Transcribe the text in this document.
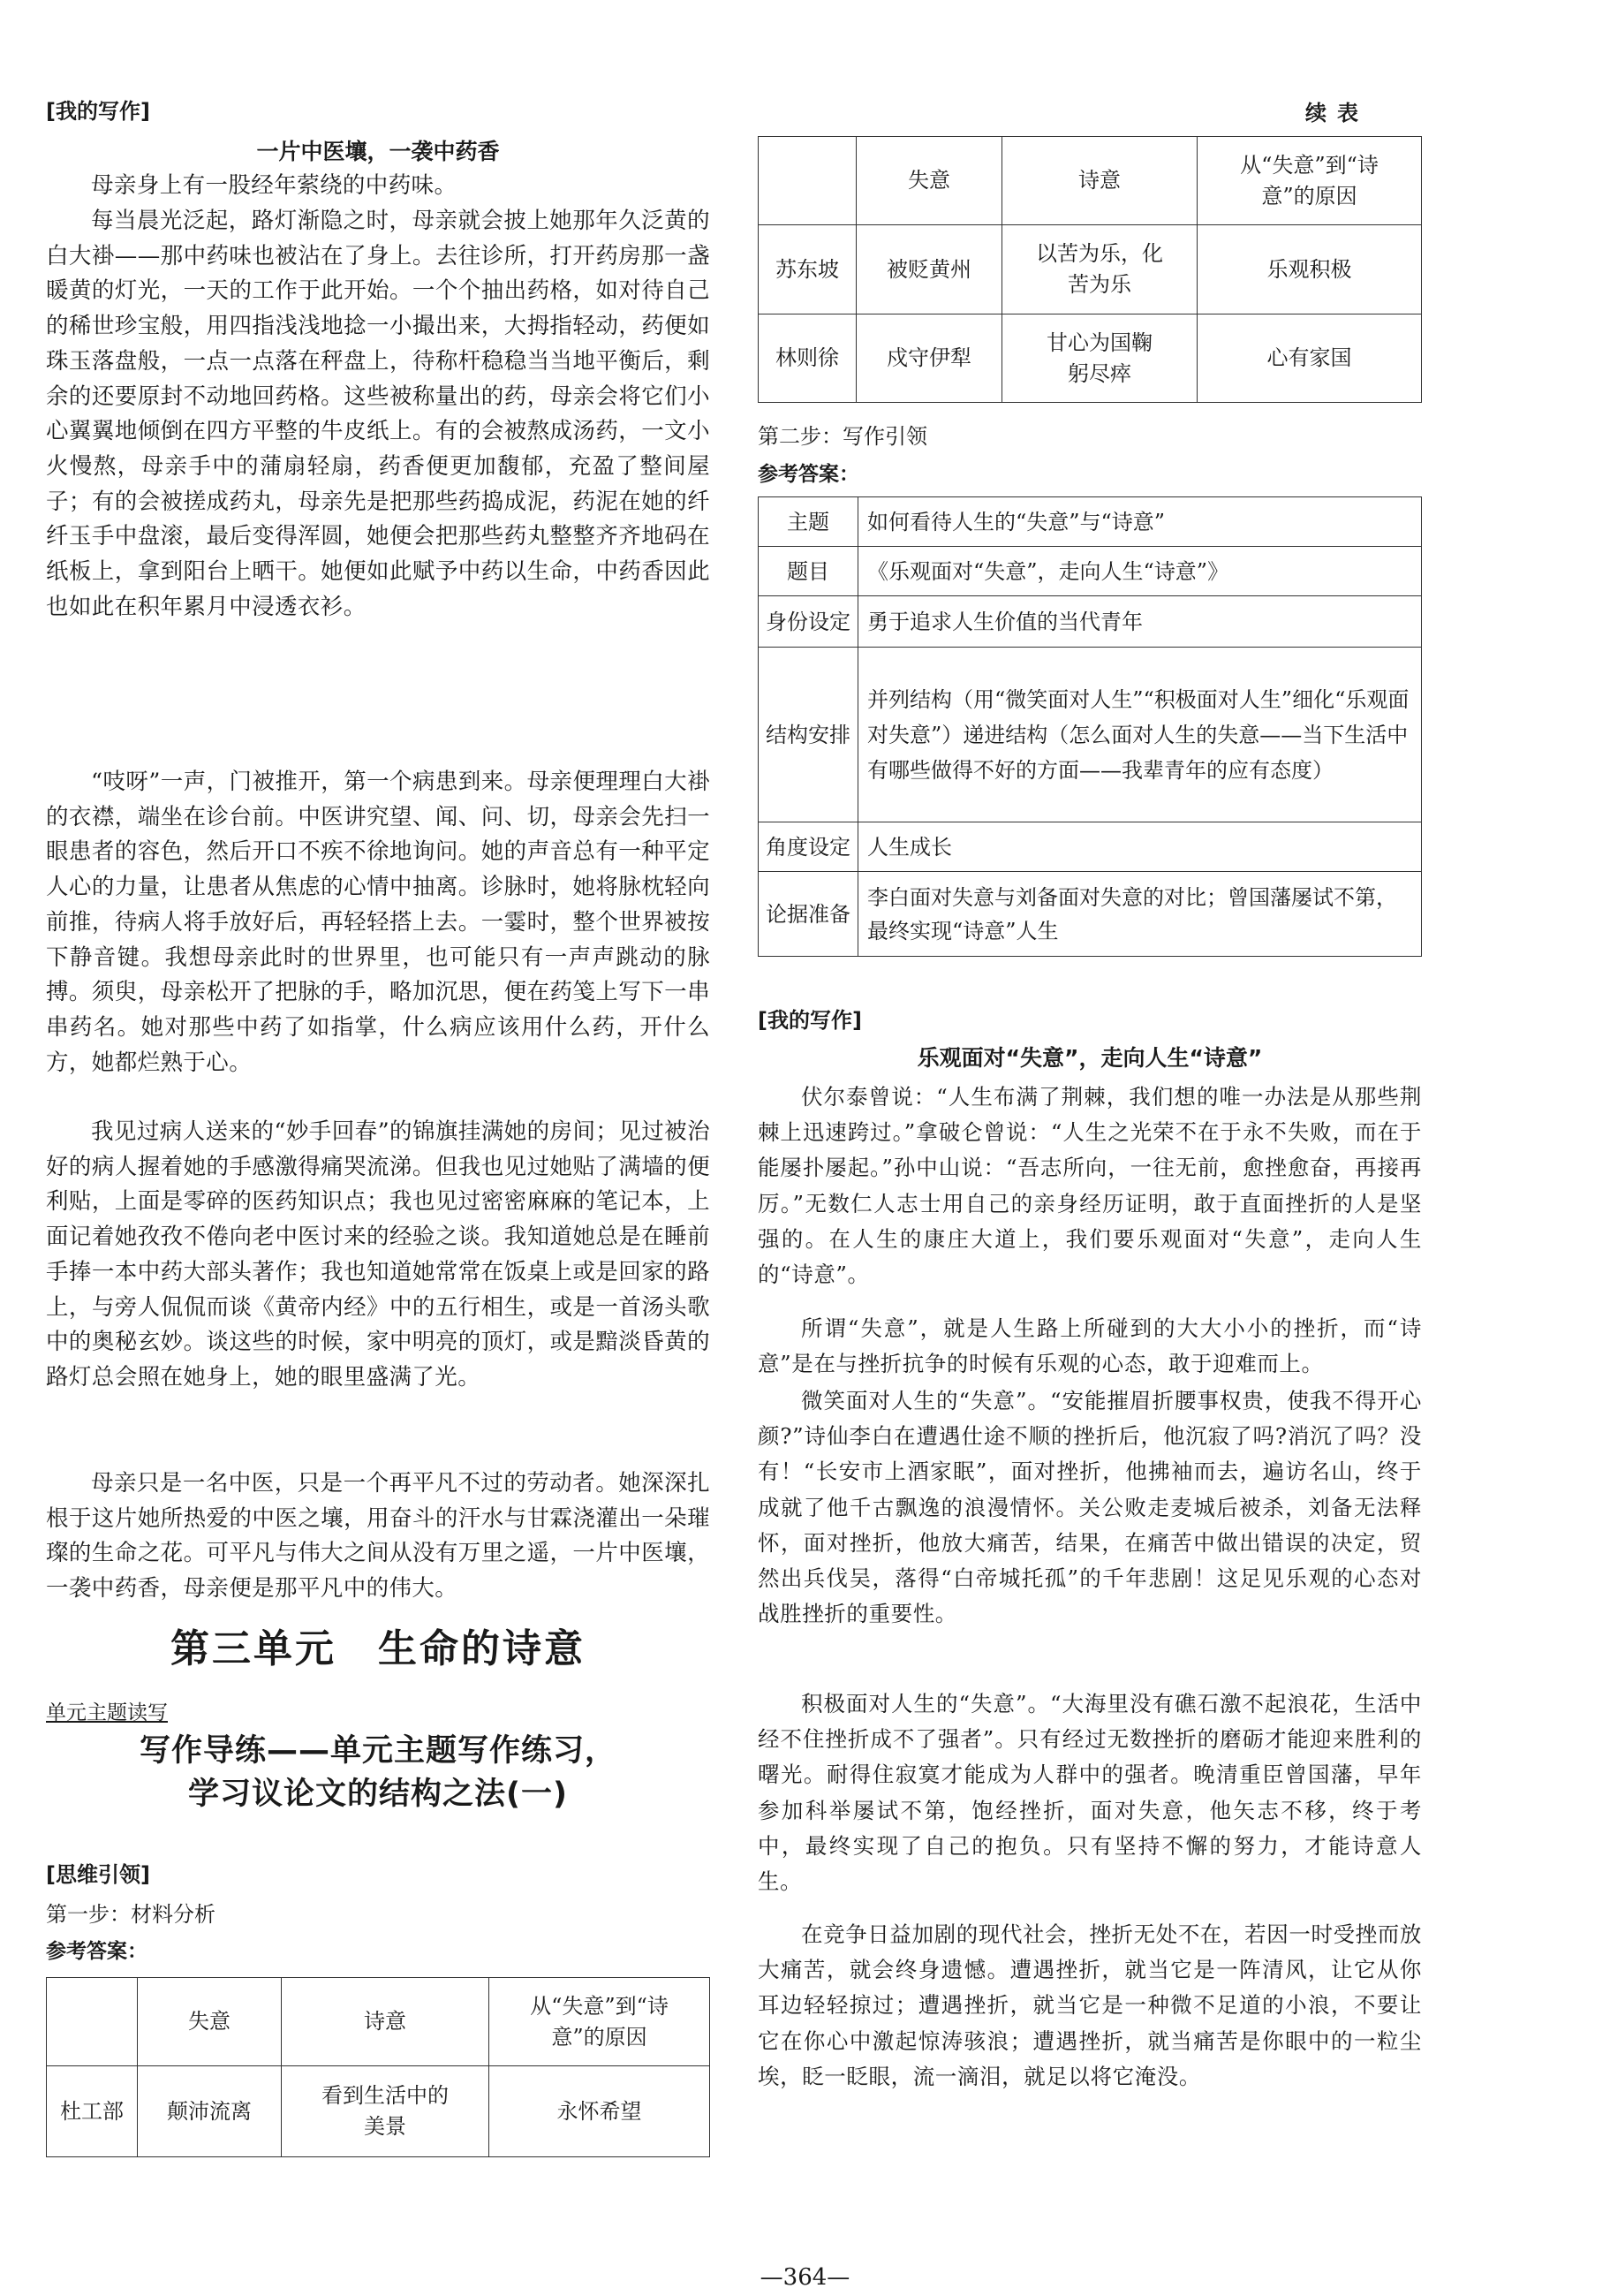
[我的写作]
一片中医壤，一袭中药香

母亲身上有一股经年萦绕的中药味。

每当晨光泛起，路灯渐隐之时，母亲就会披上她那年久泛黄的白大褂——那中药味也被沾在了身上。去往诊所，打开药房那一盏暖黄的灯光，一天的工作于此开始。一个个抽出药格，如对待自己的稀世珍宝般，用四指浅浅地捻一小撮出来，大拇指轻动，药便如珠玉落盘般，一点一点落在秤盘上，待称杆稳稳当当地平衡后，剩余的还要原封不动地回药格。这些被称量出的药，母亲会将它们小心翼翼地倾倒在四方平整的牛皮纸上。有的会被熬成汤药，一文小火慢熬，母亲手中的蒲扇轻扇，药香便更加馥郁，充盈了整间屋子；有的会被搓成药丸，母亲先是把那些药捣成泥，药泥在她的纤纤玉手中盘滚，最后变得浑圆，她便会把那些药丸整整齐齐地码在纸板上，拿到阳台上晒干。她便如此赋予中药以生命，中药香因此也如此在积年累月中浸透衣衫。

“吱呀”一声，门被推开，第一个病患到来。母亲便理理白大褂的衣襟，端坐在诊台前。中医讲究望、闻、问、切，母亲会先扫一眼患者的容色，然后开口不疾不徐地询问。她的声音总有一种平定人心的力量，让患者从焦虑的心情中抽离。诊脉时，她将脉枕轻向前推，待病人将手放好后，再轻轻搭上去。一霎时，整个世界被按下静音键。我想母亲此时的世界里，也可能只有一声声跳动的脉搏。须臾，母亲松开了把脉的手，略加沉思，便在药笺上写下一串串药名。她对那些中药了如指掌，什么病应该用什么药，开什么方，她都烂熟于心。

我见过病人送来的“妙手回春”的锦旗挂满她的房间；见过被治好的病人握着她的手感激得痛哭流涕。但我也见过她贴了满墙的便利贴，上面是零碎的医药知识点；我也见过密密麻麻的笔记本，上面记着她孜孜不倦向老中医讨来的经验之谈。我知道她总是在睡前手捧一本中药大部头著作；我也知道她常常在饭桌上或是回家的路上，与旁人侃侃而谈《黄帝内经》中的五行相生，或是一首汤头歌中的奥秘玄妙。谈这些的时候，家中明亮的顶灯，或是黯淡昏黄的路灯总会照在她身上，她的眼里盛满了光。

母亲只是一名中医，只是一个再平凡不过的劳动者。她深深扎根于这片她所热爱的中医之壤，用奋斗的汗水与甘霖浇灌出一朵璀璨的生命之花。可平凡与伟大之间从没有万里之遥，一片中医壤，一袭中药香，母亲便是那平凡中的伟大。

第三单元　生命的诗意
单元主题读写
写作导练——单元主题写作练习，
学习议论文的结构之法(一)
[思维引领]
第一步：材料分析
参考答案：
	失意	诗意	从“失意”到“诗意”的原因
杜工部	颠沛流离	看到生活中的美景	永怀希望
续表
	失意	诗意	从“失意”到“诗意”的原因
苏东坡	被贬黄州	以苦为乐，化苦为乐	乐观积极
林则徐	戍守伊犁	甘心为国鞠躬尽瘁	心有家国
第二步：写作引领
参考答案：
主题	如何看待人生的“失意”与“诗意”
题目	《乐观面对“失意”，走向人生“诗意”》
身份设定	勇于追求人生价值的当代青年
结构安排	并列结构（用“微笑面对人生”“积极面对人生”细化“乐观面对失意”）递进结构（怎么面对人生的失意——当下生活中有哪些做得不好的方面——我辈青年的应有态度）
角度设定	人生成长
论据准备	李白面对失意与刘备面对失意的对比；曾国藩屡试不第，最终实现“诗意”人生
[我的写作]
乐观面对“失意”，走向人生“诗意”

伏尔泰曾说：“人生布满了荆棘，我们想的唯一办法是从那些荆棘上迅速跨过。”拿破仑曾说：“人生之光荣不在于永不失败，而在于能屡扑屡起。”孙中山说：“吾志所向，一往无前，愈挫愈奋，再接再厉。”无数仁人志士用自己的亲身经历证明，敢于直面挫折的人是坚强的。在人生的康庄大道上，我们要乐观面对“失意”，走向人生的“诗意”。

所谓“失意”，就是人生路上所碰到的大大小小的挫折，而“诗意”是在与挫折抗争的时候有乐观的心态，敢于迎难而上。

微笑面对人生的“失意”。“安能摧眉折腰事权贵，使我不得开心颜?”诗仙李白在遭遇仕途不顺的挫折后，他沉寂了吗?消沉了吗？没有！“长安市上酒家眠”，面对挫折，他拂袖而去，遍访名山，终于成就了他千古飘逸的浪漫情怀。关公败走麦城后被杀，刘备无法释怀，面对挫折，他放大痛苦，结果，在痛苦中做出错误的决定，贸然出兵伐吴，落得“白帝城托孤”的千年悲剧！这足见乐观的心态对战胜挫折的重要性。

积极面对人生的“失意”。“大海里没有礁石激不起浪花，生活中经不住挫折成不了强者”。只有经过无数挫折的磨砺才能迎来胜利的曙光。耐得住寂寞才能成为人群中的强者。晚清重臣曾国藩，早年参加科举屡试不第，饱经挫折，面对失意，他矢志不移，终于考中，最终实现了自己的抱负。只有坚持不懈的努力，才能诗意人生。

在竞争日益加剧的现代社会，挫折无处不在，若因一时受挫而放大痛苦，就会终身遗憾。遭遇挫折，就当它是一阵清风，让它从你耳边轻轻掠过；遭遇挫折，就当它是一种微不足道的小浪，不要让它在你心中激起惊涛骇浪；遭遇挫折，就当痛苦是你眼中的一粒尘埃，眨一眨眼，流一滴泪，就足以将它淹没。

—364—
